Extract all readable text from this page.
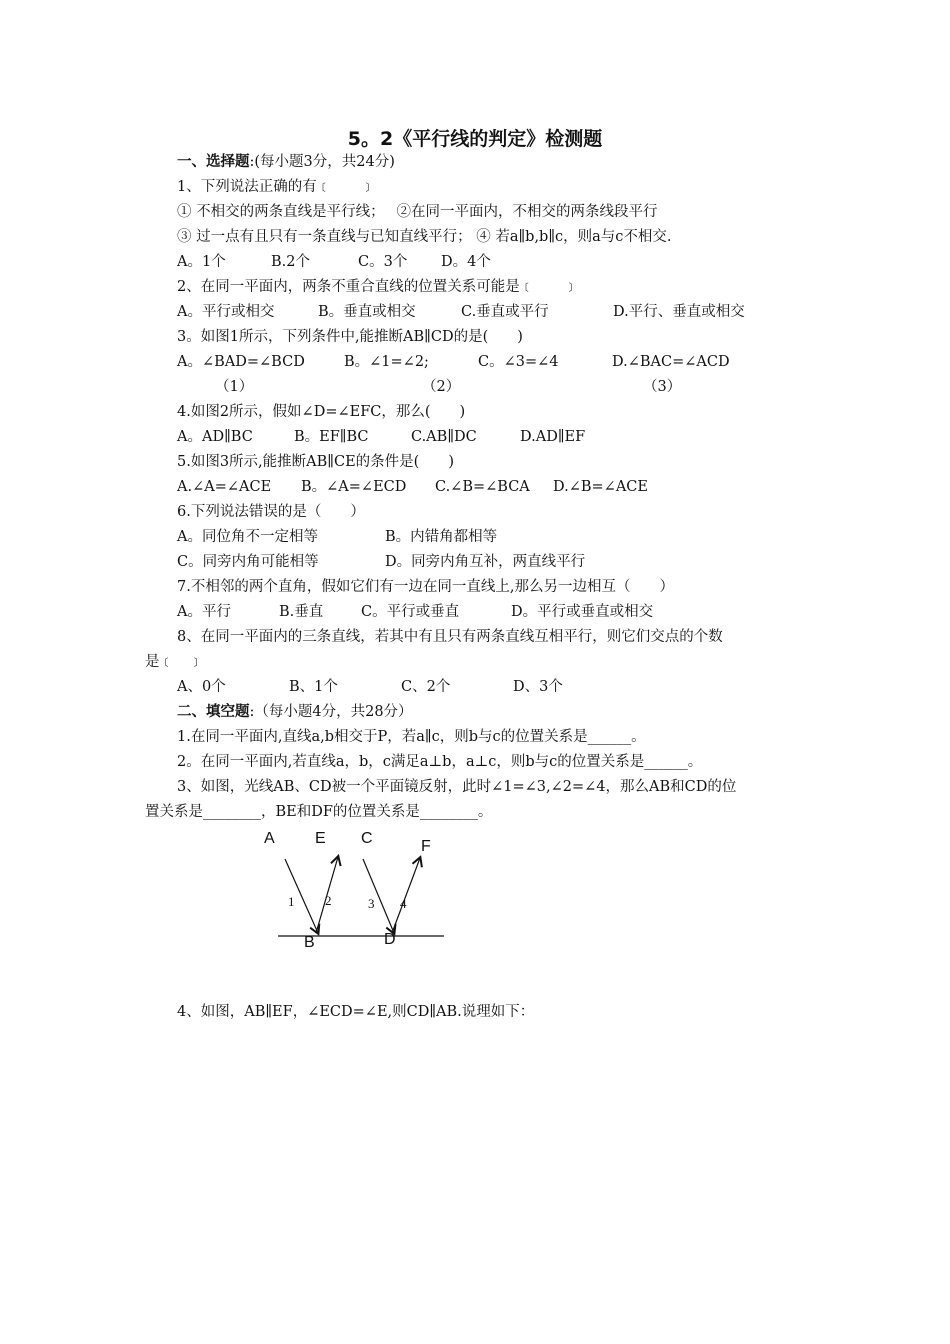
5。2《平行线的判定》检测题
一、选择题:(每小题3分，共24分)
1、下列说法正确的有﹝　　﹞
① 不相交的两条直线是平行线；　 ②在同一平面内，不相交的两条线段平行
③ 过一点有且只有一条直线与已知直线平行； ④ 若a∥b,b∥c，则a与c不相交.
A。1个	B.2个	C。3个 D。4个
2、在同一平面内，两条不重合直线的位置关系可能是﹝　　﹞
A。平行或相交	B。垂直或相交	C.垂直或平行	D.平行、垂直或相交
3。如图1所示，下列条件中,能推断AB∥CD的是(　　)
A。∠BAD=∠BCD	B。∠1=∠2;	C。∠3=∠4	D.∠BAC=∠ACD
（1）	（2）	（3）
4.如图2所示，假如∠D=∠EFC，那么(　　)
A。AD∥BC	B。EF∥BC	C.AB∥DC	D.AD∥EF
5.如图3所示,能推断AB∥CE的条件是(　　)
A.∠A=∠ACE B。∠A=∠ECD C.∠B=∠BCA D.∠B=∠ACE
6.下列说法错误的是（　　）
A。同位角不一定相等	B。内错角都相等
C。同旁内角可能相等	D。同旁内角互补，两直线平行
7.不相邻的两个直角，假如它们有一边在同一直线上,那么另一边相互（　　）
A。平行	B.垂直	C。平行或垂直	D。平行或垂直或相交
8、在同一平面内的三条直线，若其中有且只有两条直线互相平行，则它们交点的个数
是﹝　﹞
A、0个	B、1个	C、2个	D、3个
二、填空题:（每小题4分，共28分）
1.在同一平面内,直线a,b相交于P，若a∥c，则b与c的位置关系是______。
2。在同一平面内,若直线a，b，c满足a⊥b，a⊥c，则b与c的位置关系是______。
3、如图，光线AB、CD被一个平面镜反射，此时∠1=∠3,∠2=∠4，那么AB和CD的位
置关系是________，BE和DF的位置关系是________。
A	E C	F
B	D
1 2	3 4
4、如图，AB∥EF，∠ECD=∠E,则CD∥AB.说理如下：
